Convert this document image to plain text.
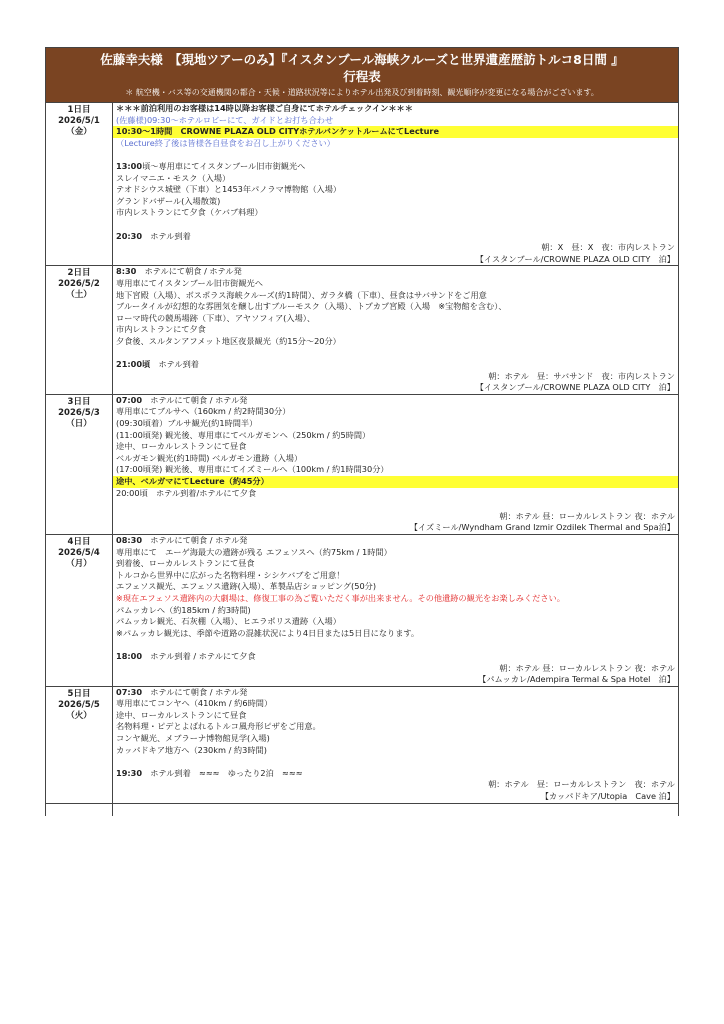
佐藤幸夫様　【現地ツアーのみ】『イスタンブール海峡クルーズと世界遺産歴訪トルコ8日間 』
行程表
＊ 航空機・バス等の交通機関の都合・天候・道路状況等によりホテル出発及び到着時刻、観光順序が変更になる場合がございます。
1日目
2026/5/1
（金）
＊＊＊前泊利用のお客様は14時以降お客様ご自身にてホテルチェックイン＊＊＊
(佐藤様)09:30～ホテルロビーにて、ガイドとお打ち合わせ
10:30～1時間　CROWNE PLAZA OLD CITYホテルバンケットルームにてLecture
（Lecture終了後は皆様各自昼食をお召し上がりください）
13:00頃～専用車にてイスタンブール旧市街観光へ
スレイマニエ・モスク（入場）
テオドシウス城壁（下車）と1453年パノラマ博物館（入場）
グランドバザール(入場散策)
市内レストランにて夕食（ケバブ料理）
20:30　ホテル到着
朝：X　昼：X　夜：市内レストラン
【イスタンブール/CROWNE PLAZA OLD CITY　泊】
2日目
2026/5/2
（土）
8:30　ホテルにて朝食 / ホテル発
専用車にてイスタンブール旧市街観光へ
地下宮殿（入場）、ボスポラス海峡クルーズ(約1時間）、ガラタ橋（下車）、昼食はサバサンドをご用意
ブルータイルが幻想的な雰囲気を醸し出すブルーモスク（入場）、トプカプ宮殿（入場　※宝物館を含む）、
ローマ時代の競馬場跡（下車）、アヤソフィア(入場）、
市内レストランにて夕食
夕食後、スルタンアフメット地区夜景観光（約15分～20分）
21:00頃　ホテル到着
朝：ホテル　昼：サバサンド　夜：市内レストラン
【イスタンブール/CROWNE PLAZA OLD CITY　泊】
3日目
2026/5/3
（日）
07:00　ホテルにて朝食 / ホテル発
専用車にてブルサへ（160km / 約2時間30分）
(09:30頃着）ブルサ観光(約1時間半）
(11:00頃発) 観光後、専用車にてベルガモンへ（250km / 約5時間）
途中、ローカルレストランにて昼食
ベルガモン観光(約1時間) ベルガモン遺跡（入場）
(17:00頃発) 観光後、専用車にてイズミールへ（100km / 約1時間30分）
途中、ベルガマにてLecture（約45分）
20:00頃　ホテル到着/ホテルにて夕食
朝：ホテル 昼：ローカルレストラン 夜：ホテル
【イズミール/Wyndham Grand Izmir Ozdilek Thermal and Spa泊】
4日目
2026/5/4
（月）
08:30　ホテルにて朝食 / ホテル発
専用車にて　エーゲ海最大の遺跡が残る エフェソスへ（約75km / 1時間）
到着後、ローカルレストランにて昼食
トルコから世界中に広がった名物料理・シシケバブをご用意！
エフェソス観光、エフェソス遺跡(入場）、革製品店ショッピング(50分)
※現在エフェソス遺跡内の大劇場は、修復工事の為ご覧いただく事が出来ません。その他遺跡の観光をお楽しみください。
パムッカレへ（約185km / 約3時間)
パムッカレ観光、石灰棚（入場）、ヒエラポリス遺跡（入場）
※パムッカレ観光は、季節や道路の混雑状況により4日目または5日目になります。
18:00　ホテル到着 / ホテルにて夕食
朝：ホテル 昼：ローカルレストラン 夜：ホテル
【パムッカレ/Adempira Termal & Spa Hotel　泊】
5日目
2026/5/5
（火）
07:30　ホテルにて朝食 / ホテル発
専用車にてコンヤへ（410km / 約6時間）
途中、ローカルレストランにて昼食
名物料理・ピデとよばれるトルコ風舟形ピザをご用意。
コンヤ観光、メブラーナ博物館見学(入場)
カッパドキア地方へ（230km / 約3時間)
19:30　ホテル到着　≈≈≈　ゆったり2泊　≈≈≈
朝：ホテル　昼：ローカルレストラン　夜：ホテル　
【カッパドキア/Utopia　Cave 泊】
